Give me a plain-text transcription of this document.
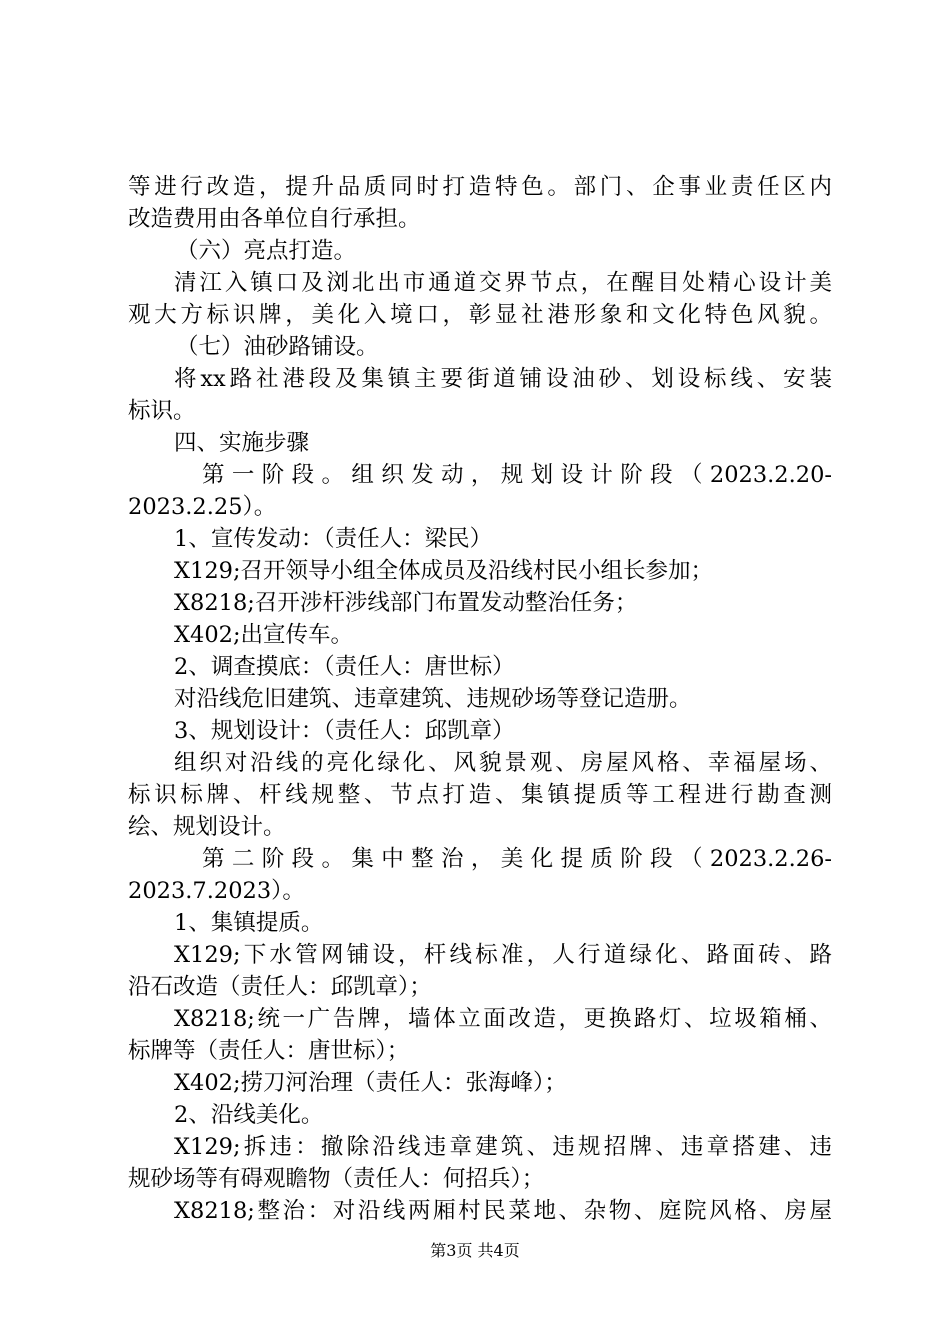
等进行改造，提升品质同时打造特色。部门、企事业责任区内
改造费用由各单位自行承担。
（六）亮点打造。
清江入镇口及浏北出市通道交界节点，在醒目处精心设计美
观大方标识牌，美化入境口，彰显社港形象和文化特色风貌。
（七）油砂路铺设。
将xx路社港段及集镇主要街道铺设油砂、划设标线、安装
标识。
四、实施步骤
第一阶段。组织发动，规划设计阶段（2023.2.20-
2023.2.25）。
1、宣传发动：（责任人：梁民）
X129;召开领导小组全体成员及沿线村民小组长参加；
X8218;召开涉杆涉线部门布置发动整治任务；
X402;出宣传车。
2、调查摸底：（责任人：唐世标）
对沿线危旧建筑、违章建筑、违规砂场等登记造册。
3、规划设计：（责任人：邱凯章）
组织对沿线的亮化绿化、风貌景观、房屋风格、幸福屋场、
标识标牌、杆线规整、节点打造、集镇提质等工程进行勘查测
绘、规划设计。
第二阶段。集中整治，美化提质阶段（2023.2.26-
2023.7.2023）。
1、集镇提质。
X129;下水管网铺设，杆线标准，人行道绿化、路面砖、路
沿石改造（责任人：邱凯章）；
X8218;统一广告牌，墙体立面改造，更换路灯、垃圾箱桶、
标牌等（责任人：唐世标）；
X402;捞刀河治理（责任人：张海峰）；
2、沿线美化。
X129;拆违：撤除沿线违章建筑、违规招牌、违章搭建、违
规砂场等有碍观瞻物（责任人：何招兵）；
X8218;整治：对沿线两厢村民菜地、杂物、庭院风格、房屋
第3页 共4页
